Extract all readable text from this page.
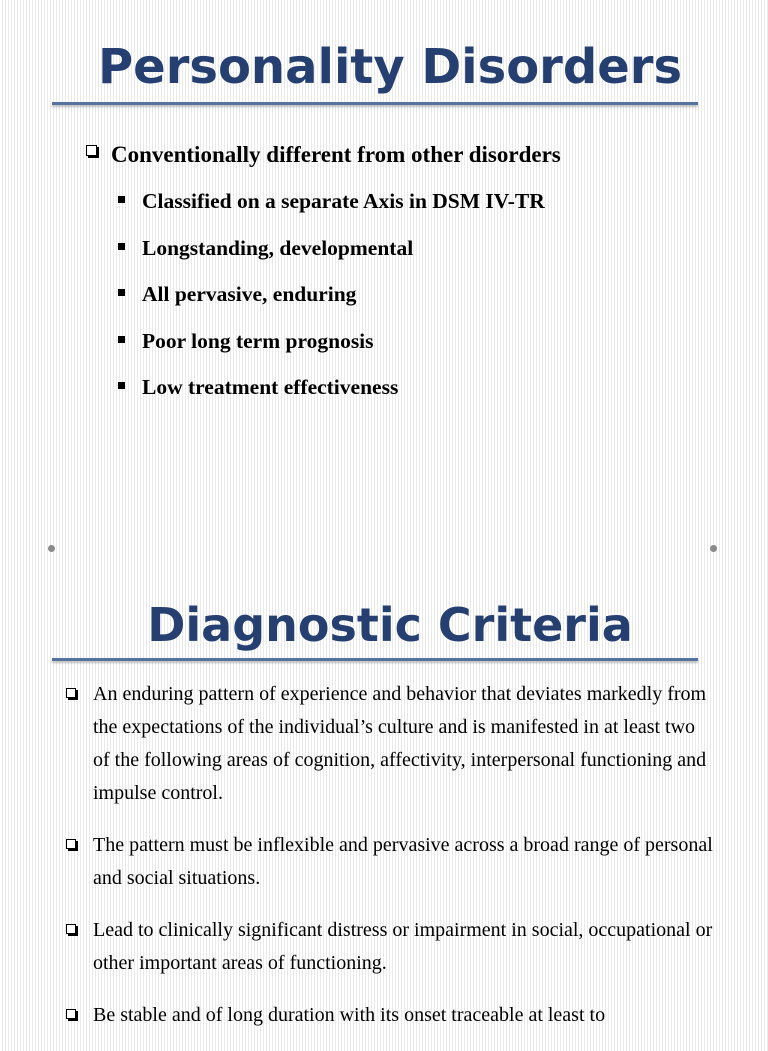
Personality Disorders
Conventionally different from other disorders
Classified on a separate Axis in DSM IV-TR
Longstanding, developmental
All pervasive, enduring
Poor long term prognosis
Low treatment effectiveness
Diagnostic Criteria
An enduring pattern of experience and behavior that deviates markedly from the expectations of the individual’s culture and is manifested in at least two of the following areas of cognition, affectivity, interpersonal functioning and impulse control.
The pattern must be inflexible and pervasive across a broad range of personal and social situations.
Lead to clinically significant distress or impairment in social, occupational or other important areas of functioning.
Be stable and of long duration with its onset traceable at least to
